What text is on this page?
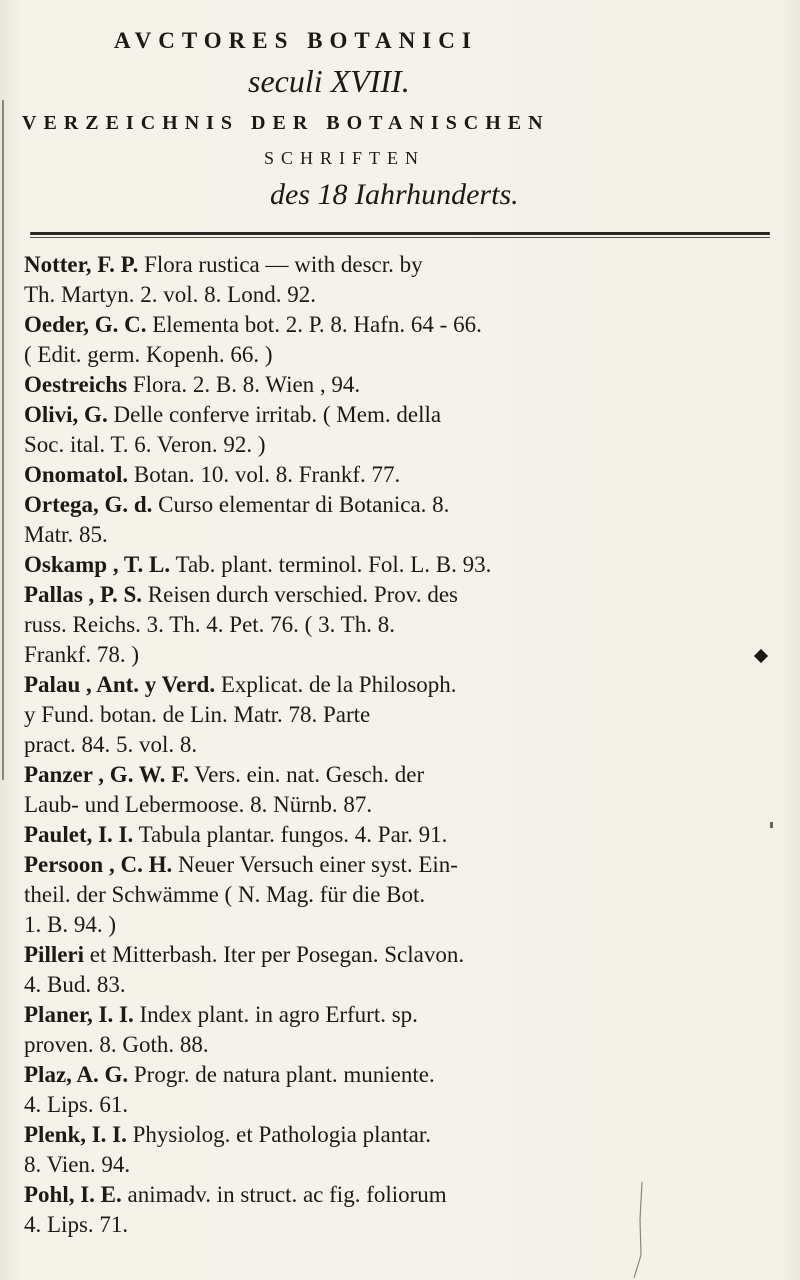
AVCTORES BOTANICI
seculi XVIII.
VERZEICHNIS DER BOTANISCHEN
SCHRIFTEN
des 18 Iahrhunderts.
Notter, F. P. Flora rustica — with descr. by
Th. Martyn. 2. vol. 8. Lond. 92.
Oeder, G. C. Elementa bot. 2. P. 8. Hafn. 64 - 66.
( Edit. germ. Kopenh. 66. )
Oestreichs Flora. 2. B. 8. Wien , 94.
Olivi, G. Delle conferve irritab. ( Mem. della
Soc. ital. T. 6. Veron. 92. )
Onomatol. Botan. 10. vol. 8. Frankf. 77.
Ortega, G. d. Curso elementar di Botanica. 8.
Matr. 85.
Oskamp , T. L. Tab. plant. terminol. Fol. L. B. 93.
Pallas , P. S. Reisen durch verschied. Prov. des
russ. Reichs. 3. Th. 4. Pet. 76. ( 3. Th. 8.
Frankf. 78. )
Palau , Ant. y Verd. Explicat. de la Philosoph.
y Fund. botan. de Lin. Matr. 78. Parte
pract. 84. 5. vol. 8.
Panzer , G. W. F. Vers. ein. nat. Gesch. der
Laub- und Lebermoose. 8. Nürnb. 87.
Paulet, I. I. Tabula plantar. fungos. 4. Par. 91.
Persoon , C. H. Neuer Versuch einer syst. Ein-
theil. der Schwämme ( N. Mag. für die Bot.
1. B. 94. )
Pilleri et Mitterbash. Iter per Posegan. Sclavon.
4. Bud. 83.
Planer, I. I. Index plant. in agro Erfurt. sp.
proven. 8. Goth. 88.
Plaz, A. G. Progr. de natura plant. muniente.
4. Lips. 61.
Plenk, I. I. Physiolog. et Pathologia plantar.
8. Vien. 94.
Pohl, I. E. animadv. in struct. ac fig. foliorum
4. Lips. 71.
